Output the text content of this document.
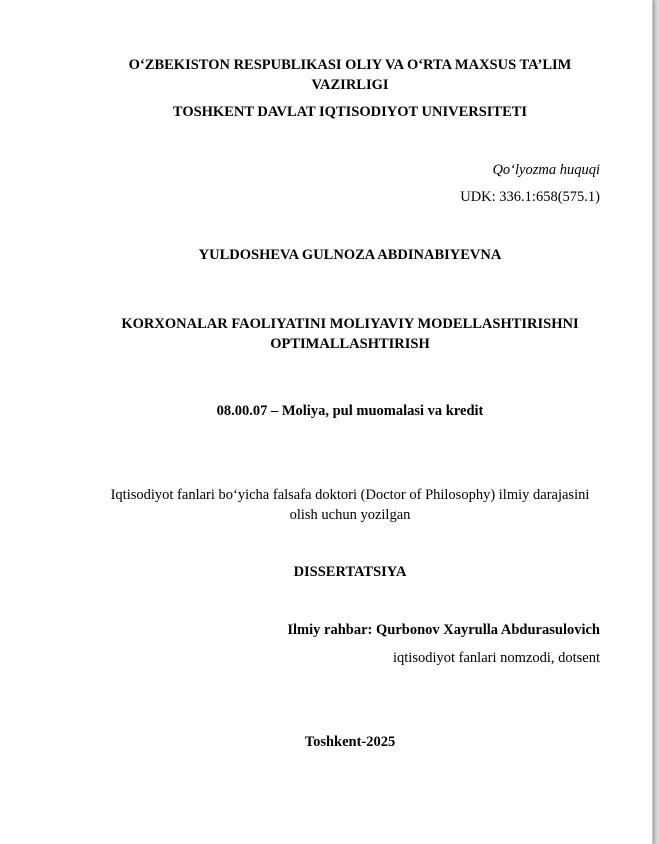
O‘ZBEKISTON RESPUBLIKASI OLIY VA O‘RTA MAXSUS TA’LIM
VAZIRLIGI
TOSHKENT DAVLAT IQTISODIYOT UNIVERSITETI
Qo‘lyozma huquqi
UDK: 336.1:658(575.1)
YULDOSHEVA GULNOZA ABDINABIYEVNA
KORXONALAR FAOLIYATINI MOLIYAVIY MODELLASHTIRISHNI
OPTIMALLASHTIRISH
08.00.07 – Moliya, pul muomalasi va kredit
Iqtisodiyot fanlari bo‘yicha falsafa doktori (Doctor of Philosophy) ilmiy darajasini
olish uchun yozilgan
DISSERTATSIYA
Ilmiy rahbar: Qurbonov Xayrulla Abdurasulovich
iqtisodiyot fanlari nomzodi, dotsent
Toshkent-2025
